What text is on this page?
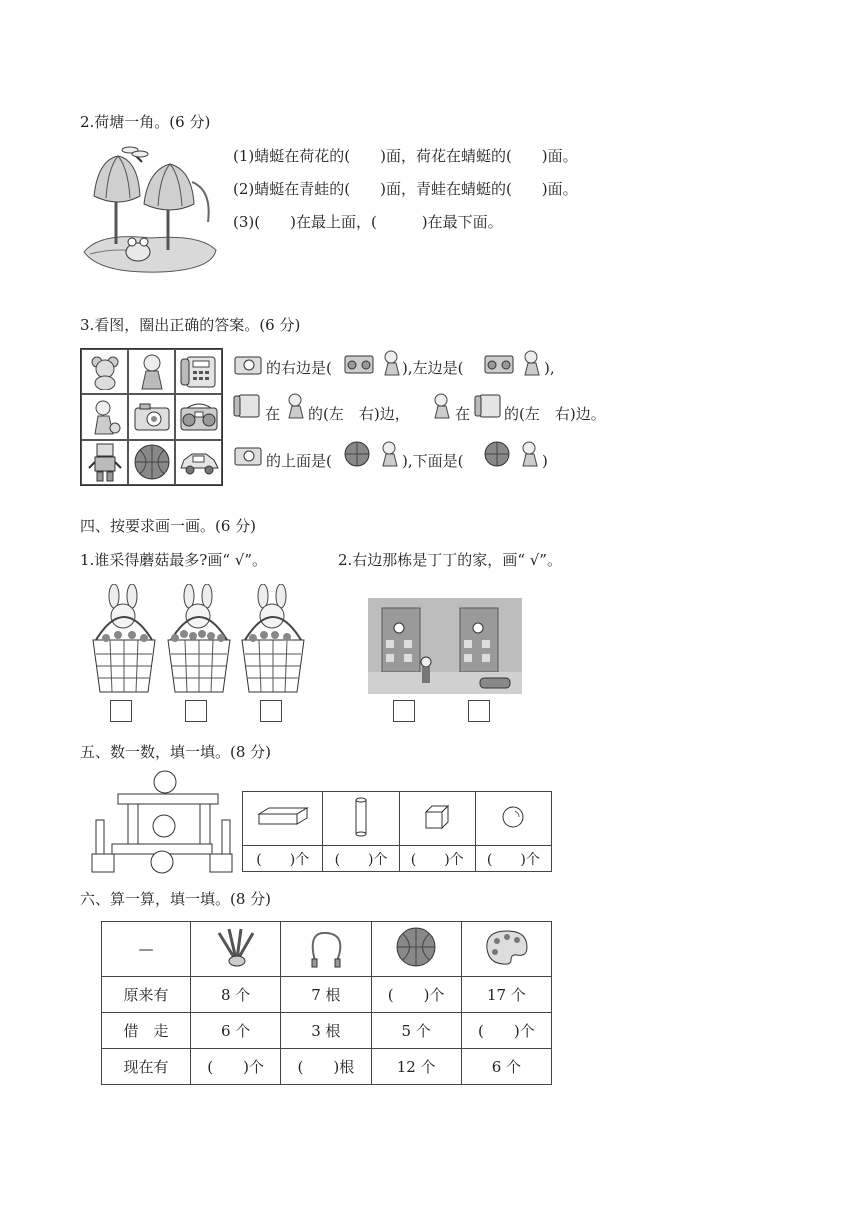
2.荷塘一角。(6 分)
(1)蜻蜓在荷花的(　　)面，荷花在蜻蜓的(　　)面。
(2)蜻蜓在青蛙的(　　)面，青蛙在蜻蜓的(　　)面。
(3)(　　)在最上面，(　　　)在最下面。
3.看图，圈出正确的答案。(6 分)
的右边是(	),左边是(	),
在 的(左　右)边，	在 的(左　右)边。
的上面是(	),下面是(	)
四、按要求画一画。(6 分)
1.谁采得蘑菇最多?画“ √”。	2.右边那栋是丁丁的家，画“ √”。
五、数一数，填一填。(8 分)

(　　)个	(　　)个	(　　)个	(　　)个
六、算一算，填一填。(8 分)
—				
原来有	8 个	7 根	(　　)个	17 个
借　走	6 个	3 根	5 个	(　　)个
现在有	(　　)个	(　　)根	12 个	6 个
